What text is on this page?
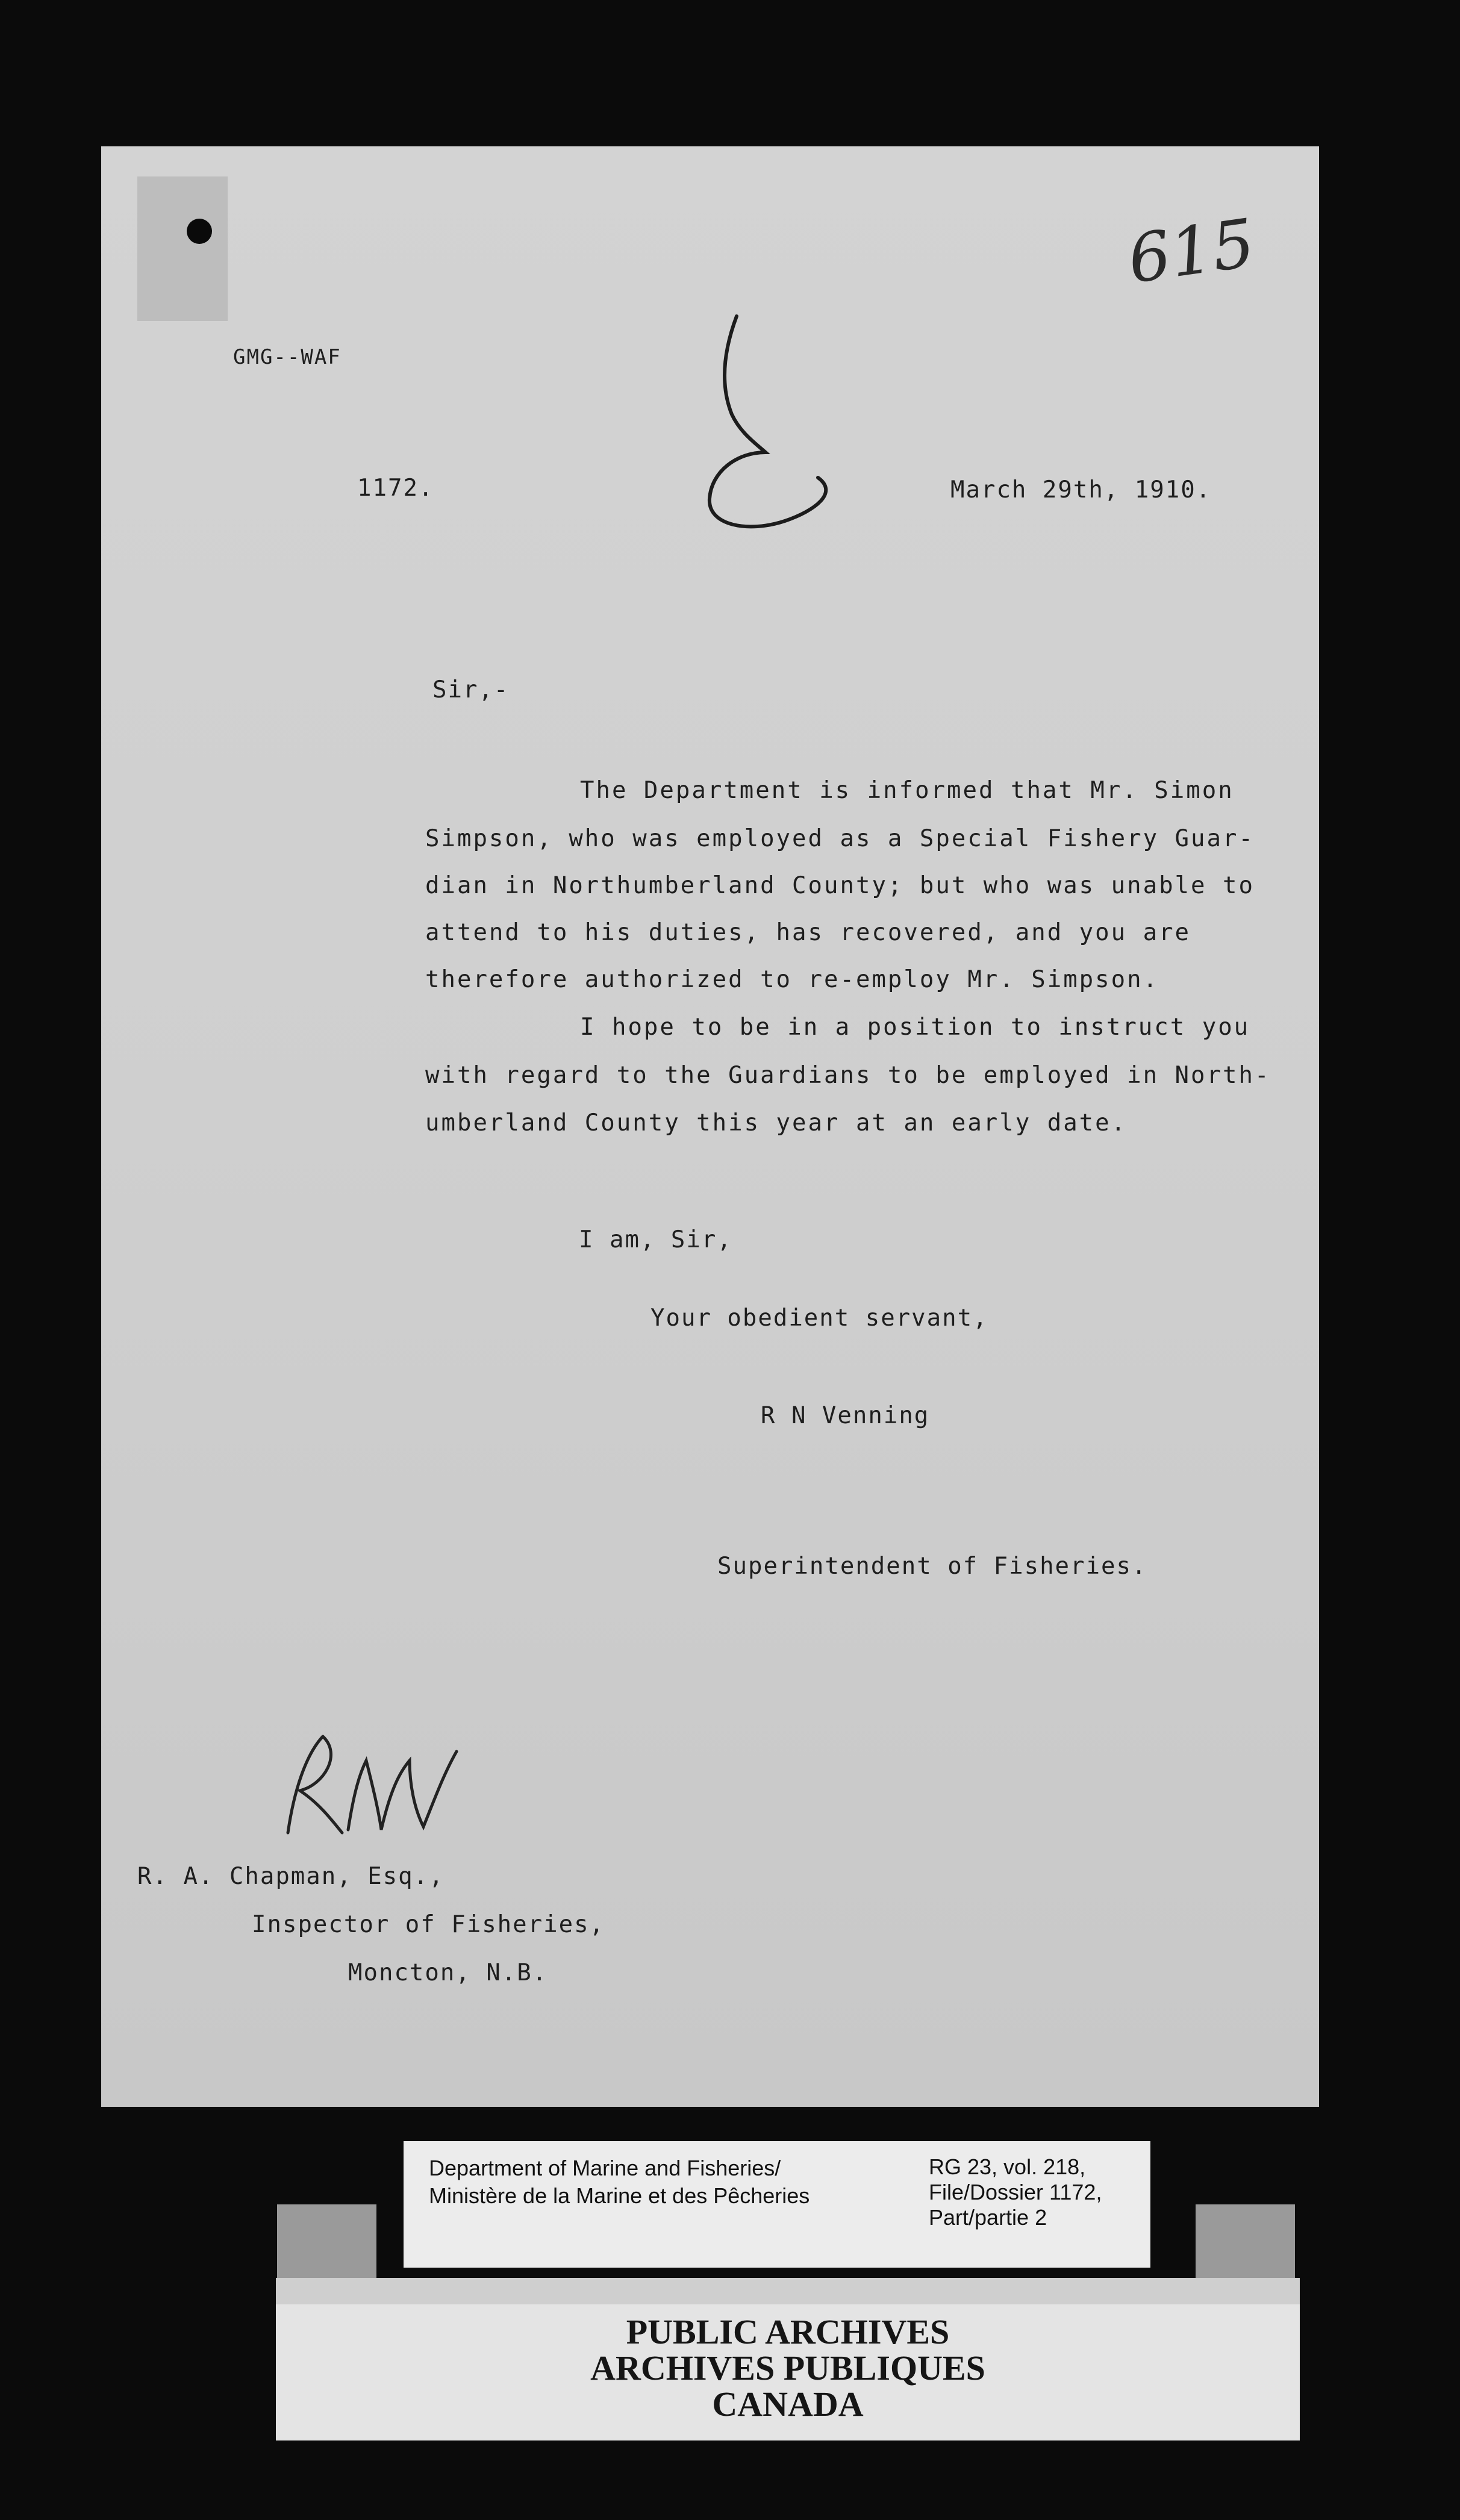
GMG--WAF
615
1172.	March 29th, 1910.
Sir,-
The Department is informed that Mr. Simon
Simpson, who was employed as a Special Fishery Guar-
dian in Northumberland County; but who was unable to
attend to his duties, has recovered, and you are
therefore authorized to re-employ Mr. Simpson.
I hope to be in a position to instruct you
with regard to the Guardians to be employed in North-
umberland County this year at an early date.
I am, Sir,
Your obedient servant,
R N Venning
Superintendent of Fisheries.
R. A. Chapman, Esq.,
Inspector of Fisheries,
Moncton, N.B.
Department of Marine and Fisheries/
Ministère de la Marine et des Pêcheries
RG 23, vol. 218,
File/Dossier 1172,
Part/partie 2
PUBLIC ARCHIVES
ARCHIVES PUBLIQUES
CANADA
